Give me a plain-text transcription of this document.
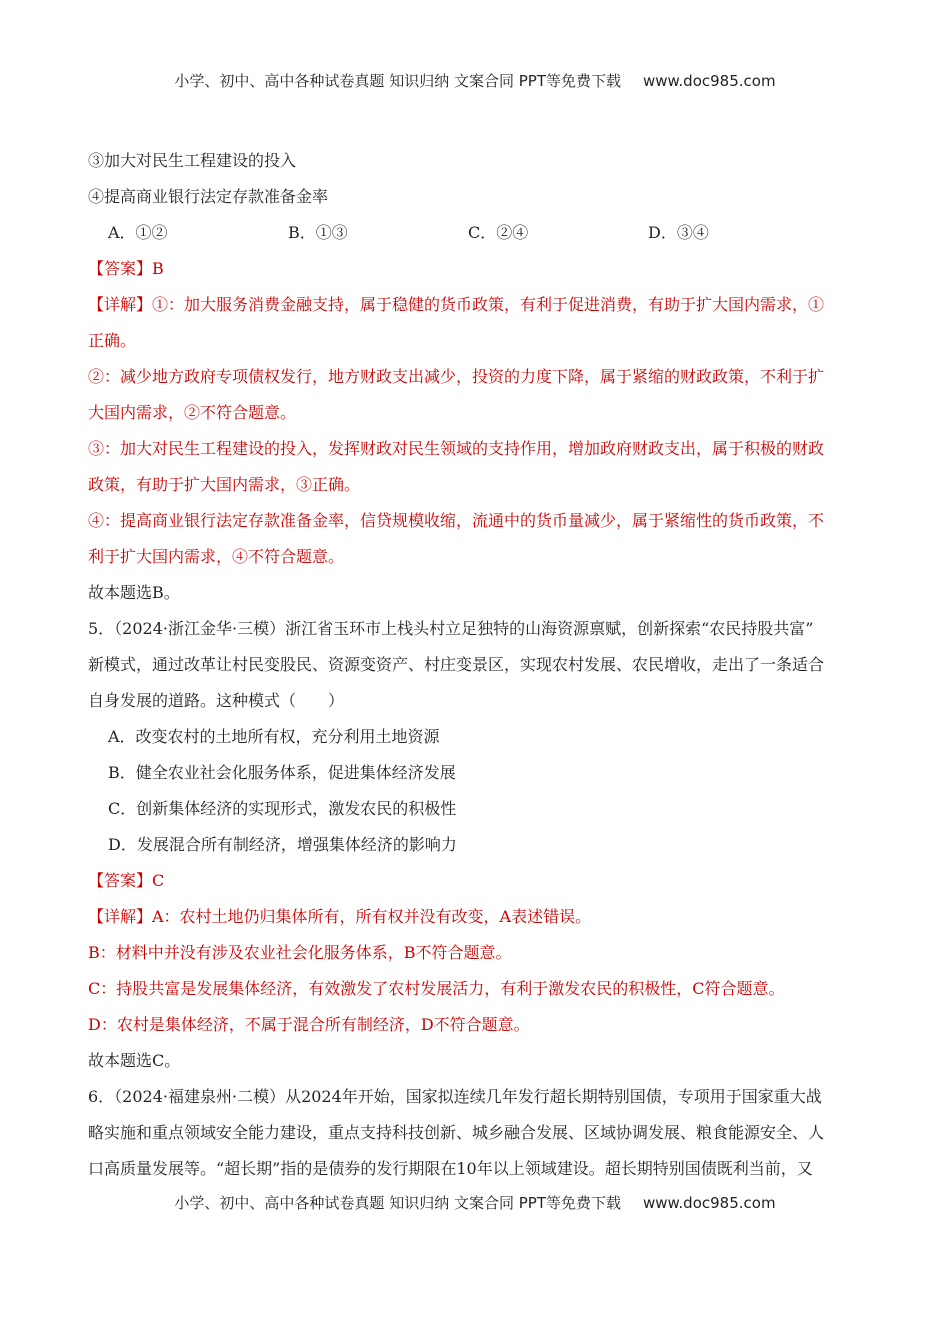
小学、初中、高中各种试卷真题 知识归纳 文案合同 PPT等免费下载 www.doc985.com
③加大对民生工程建设的投入
④提高商业银行法定存款准备金率
A．①②	B．①③	C．②④	D．③④
【答案】B
【详解】①：加大服务消费金融支持，属于稳健的货币政策，有利于促进消费，有助于扩大国内需求，①
正确。
②：减少地方政府专项债权发行，地方财政支出减少，投资的力度下降，属于紧缩的财政政策，不利于扩
大国内需求，②不符合题意。
③：加大对民生工程建设的投入，发挥财政对民生领域的支持作用，增加政府财政支出，属于积极的财政
政策，有助于扩大国内需求，③正确。
④：提高商业银行法定存款准备金率，信贷规模收缩，流通中的货币量减少，属于紧缩性的货币政策，不
利于扩大国内需求，④不符合题意。
故本题选B。
5．（2024·浙江金华·三模）浙江省玉环市上栈头村立足独特的山海资源禀赋，创新探索“农民持股共富”
新模式，通过改革让村民变股民、资源变资产、村庄变景区，实现农村发展、农民增收，走出了一条适合
自身发展的道路。这种模式（　　）
A．改变农村的土地所有权，充分利用土地资源
B．健全农业社会化服务体系，促进集体经济发展
C．创新集体经济的实现形式，激发农民的积极性
D．发展混合所有制经济，增强集体经济的影响力
【答案】C
【详解】A：农村土地仍归集体所有，所有权并没有改变，A表述错误。
B：材料中并没有涉及农业社会化服务体系，B不符合题意。
C：持股共富是发展集体经济，有效激发了农村发展活力，有利于激发农民的积极性，C符合题意。
D：农村是集体经济，不属于混合所有制经济，D不符合题意。
故本题选C。
6．（2024·福建泉州·二模）从2024年开始，国家拟连续几年发行超长期特别国债，专项用于国家重大战
略实施和重点领域安全能力建设，重点支持科技创新、城乡融合发展、区域协调发展、粮食能源安全、人
口高质量发展等。“超长期”指的是债券的发行期限在10年以上领域建设。超长期特别国债既利当前，又
小学、初中、高中各种试卷真题 知识归纳 文案合同 PPT等免费下载 www.doc985.com
